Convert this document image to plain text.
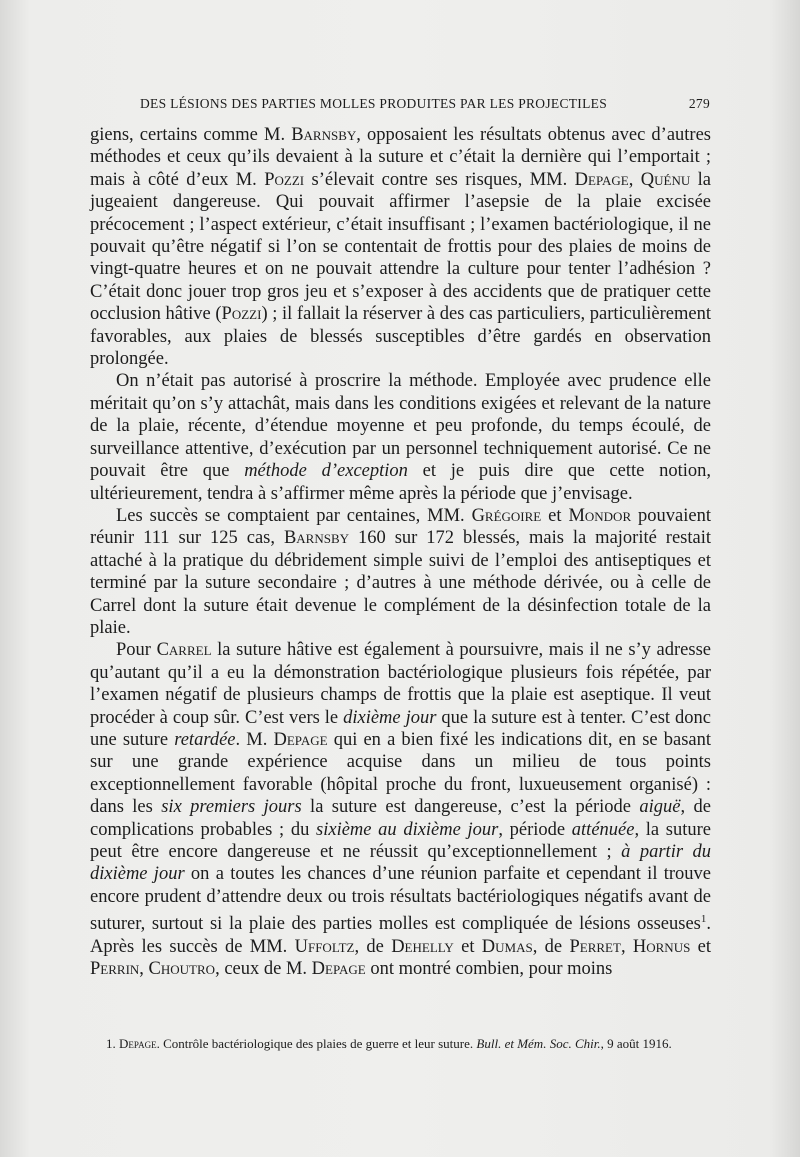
DES LÉSIONS DES PARTIES MOLLES PRODUITES PAR LES PROJECTILES	279

giens, certains comme M. Barnsby, opposaient les résultats obtenus avec d’autres méthodes et ceux qu’ils devaient à la suture et c’était la dernière qui l’emportait ; mais à côté d’eux M. Pozzi s’élevait contre ses risques, MM. Depage, Quénu la jugeaient dangereuse. Qui pouvait affirmer l’asepsie de la plaie excisée précocement ; l’aspect extérieur, c’était insuffisant ; l’examen bactériologique, il ne pouvait qu’être négatif si l’on se contentait de frottis pour des plaies de moins de vingt-quatre heures et on ne pouvait attendre la culture pour tenter l’adhésion ? C’était donc jouer trop gros jeu et s’exposer à des accidents que de pratiquer cette occlusion hâtive (Pozzi) ; il fallait la réserver à des cas particuliers, particulièrement favorables, aux plaies de blessés susceptibles d’être gardés en observation prolongée.

On n’était pas autorisé à proscrire la méthode. Employée avec prudence elle méritait qu’on s’y attachât, mais dans les conditions exigées et relevant de la nature de la plaie, récente, d’étendue moyenne et peu profonde, du temps écoulé, de surveillance attentive, d’exécution par un personnel techniquement autorisé. Ce ne pouvait être que méthode d’exception et je puis dire que cette notion, ultérieurement, tendra à s’affirmer même après la période que j’envisage.

Les succès se comptaient par centaines, MM. Grégoire et Mondor pouvaient réunir 111 sur 125 cas, Barnsby 160 sur 172 blessés, mais la majorité restait attaché à la pratique du débridement simple suivi de l’emploi des antiseptiques et terminé par la suture secondaire ; d’autres à une méthode dérivée, ou à celle de Carrel dont la suture était devenue le complément de la désinfection totale de la plaie.

Pour Carrel la suture hâtive est également à poursuivre, mais il ne s’y adresse qu’autant qu’il a eu la démonstration bactériologique plusieurs fois répétée, par l’examen négatif de plusieurs champs de frottis que la plaie est aseptique. Il veut procéder à coup sûr. C’est vers le dixième jour que la suture est à tenter. C’est donc une suture retardée. M. Depage qui en a bien fixé les indications dit, en se basant sur une grande expérience acquise dans un milieu de tous points exceptionnellement favorable (hôpital proche du front, luxueusement organisé) : dans les six premiers jours la suture est dangereuse, c’est la période aiguë, de complications probables ; du sixième au dixième jour, période atténuée, la suture peut être encore dangereuse et ne réussit qu’exceptionnellement ; à partir du dixième jour on a toutes les chances d’une réunion parfaite et cependant il trouve encore prudent d’attendre deux ou trois résultats bactériologiques négatifs avant de suturer, surtout si la plaie des parties molles est compliquée de lésions osseuses$^1$. Après les succès de MM. Uffoltz, de Dehelly et Dumas, de Perret, Hornus et Perrin, Choutro, ceux de M. Depage ont montré combien, pour moins

1. Depage. Contrôle bactériologique des plaies de guerre et leur suture. Bull. et Mém. Soc. Chir., 9 août 1916.
